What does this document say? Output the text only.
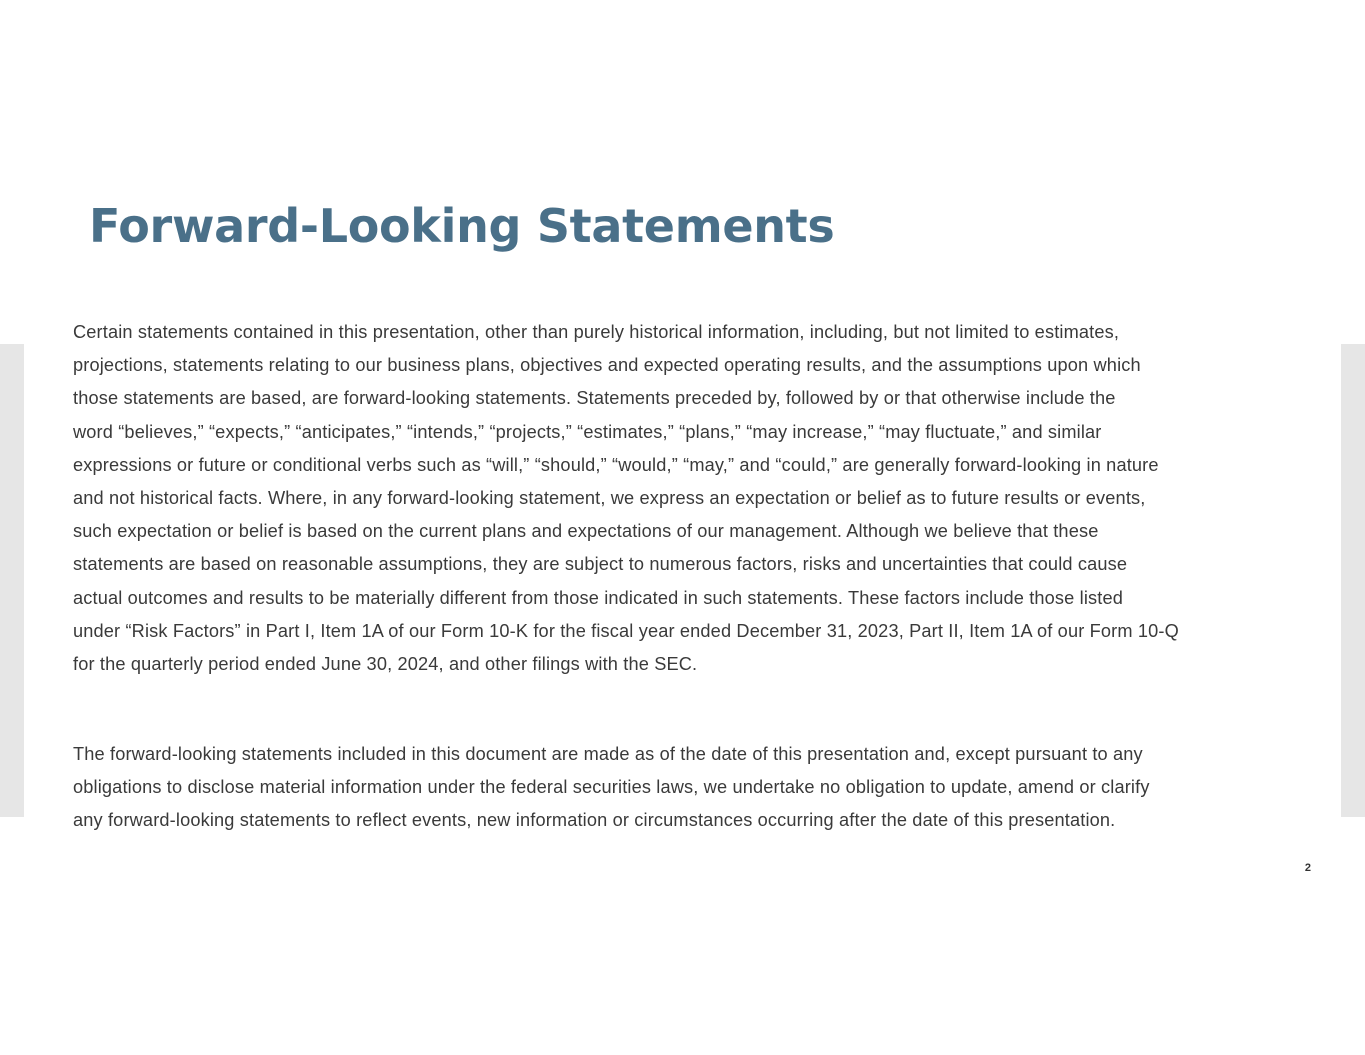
Forward-Looking Statements
Certain statements contained in this presentation, other than purely historical information, including, but not limited to estimates,
projections, statements relating to our business plans, objectives and expected operating results, and the assumptions upon which
those statements are based, are forward-looking statements. Statements preceded by, followed by or that otherwise include the
word “believes,” “expects,” “anticipates,” “intends,” “projects,” “estimates,” “plans,” “may increase,” “may fluctuate,” and similar
expressions or future or conditional verbs such as “will,” “should,” “would,” “may,” and “could,” are generally forward-looking in nature
and not historical facts. Where, in any forward-looking statement, we express an expectation or belief as to future results or events,
such expectation or belief is based on the current plans and expectations of our management. Although we believe that these
statements are based on reasonable assumptions, they are subject to numerous factors, risks and uncertainties that could cause
actual outcomes and results to be materially different from those indicated in such statements. These factors include those listed
under “Risk Factors” in Part I, Item 1A of our Form 10-K for the fiscal year ended December 31, 2023, Part II, Item 1A of our Form 10-Q
for the quarterly period ended June 30, 2024, and other filings with the SEC.
The forward-looking statements included in this document are made as of the date of this presentation and, except pursuant to any
obligations to disclose material information under the federal securities laws, we undertake no obligation to update, amend or clarify
any forward-looking statements to reflect events, new information or circumstances occurring after the date of this presentation.
2
